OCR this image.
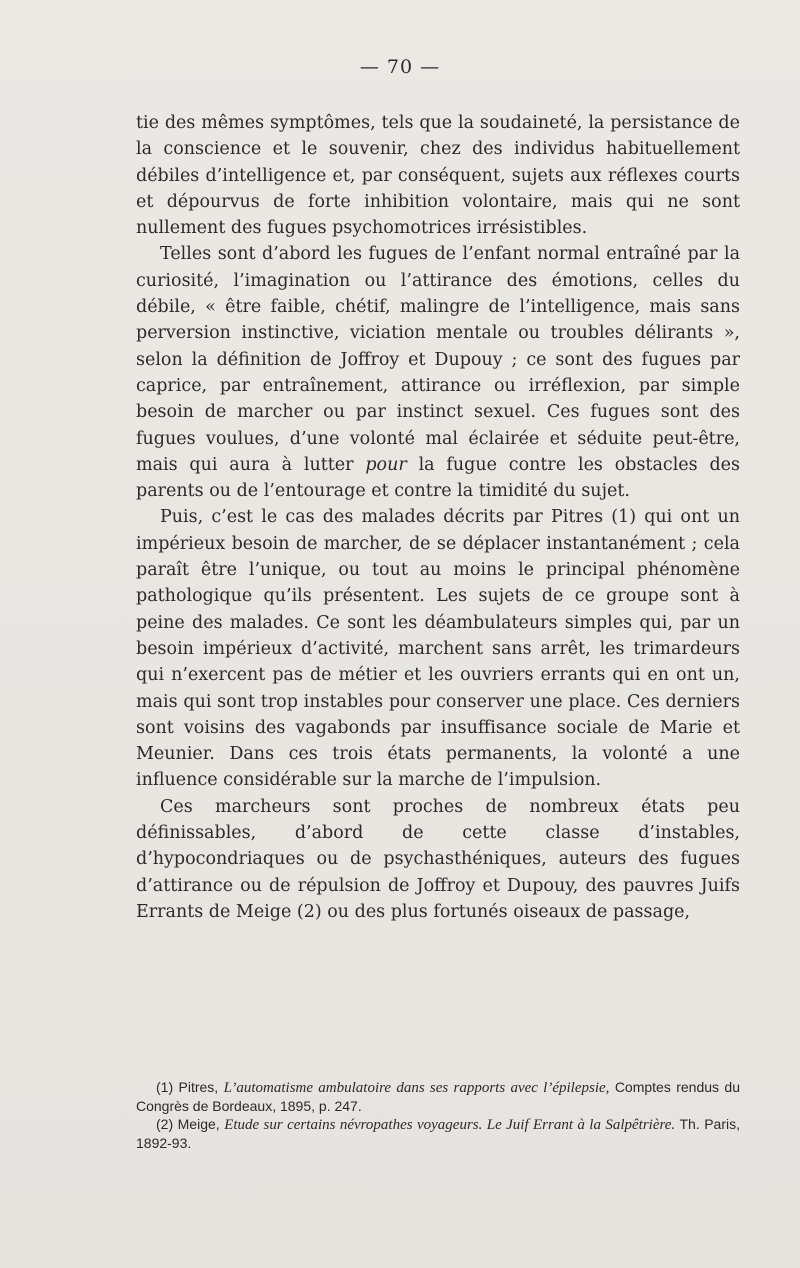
— 70 —

tie des mêmes symptômes, tels que la soudaineté, la persistance de la conscience et le souvenir, chez des individus habituellement débiles d’intelligence et, par conséquent, sujets aux réflexes courts et dépourvus de forte inhibition volontaire, mais qui ne sont nullement des fugues psychomotrices irrésistibles.

Telles sont d’abord les fugues de l’enfant normal entraîné par la curiosité, l’imagination ou l’attirance des émotions, celles du débile, « être faible, chétif, malingre de l’intelligence, mais sans perversion instinctive, viciation mentale ou troubles délirants », selon la définition de Joffroy et Dupouy ; ce sont des fugues par caprice, par entraînement, attirance ou irréflexion, par simple besoin de marcher ou par instinct sexuel. Ces fugues sont des fugues voulues, d’une volonté mal éclairée et séduite peut-être, mais qui aura à lutter pour la fugue contre les obstacles des parents ou de l’entourage et contre la timidité du sujet.

Puis, c’est le cas des malades décrits par Pitres (1) qui ont un impérieux besoin de marcher, de se déplacer instantanément ; cela paraît être l’unique, ou tout au moins le principal phénomène pathologique qu’ils présentent. Les sujets de ce groupe sont à peine des malades. Ce sont les déambulateurs simples qui, par un besoin impérieux d’activité, marchent sans arrêt, les trimardeurs qui n’exercent pas de métier et les ouvriers errants qui en ont un, mais qui sont trop instables pour conserver une place. Ces derniers sont voisins des vagabonds par insuffisance sociale de Marie et Meunier. Dans ces trois états permanents, la volonté a une influence considérable sur la marche de l’impulsion.

Ces marcheurs sont proches de nombreux états peu définissables, d’abord de cette classe d’instables, d’hypocondriaques ou de psychasthéniques, auteurs des fugues d’attirance ou de répulsion de Joffroy et Dupouy, des pauvres Juifs Errants de Meige (2) ou des plus fortunés oiseaux de passage,

(1) Pitres, L’automatisme ambulatoire dans ses rapports avec l’épilepsie, Comptes rendus du Congrès de Bordeaux, 1895, p. 247.

(2) Meige, Etude sur certains névropathes voyageurs. Le Juif Errant à la Salpêtrière. Th. Paris, 1892-93.
